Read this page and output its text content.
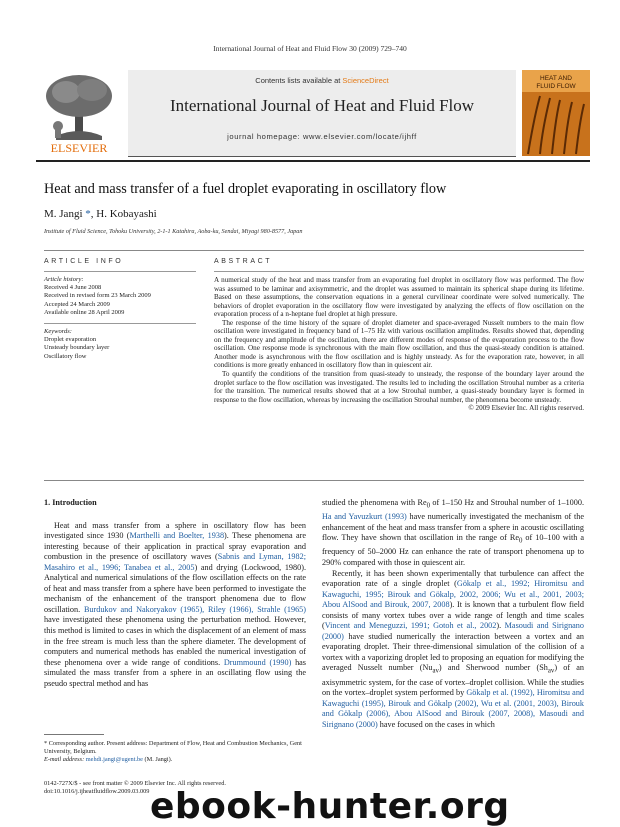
International Journal of Heat and Fluid Flow 30 (2009) 729–740
ELSEVIER
Contents lists available at ScienceDirect
International Journal of Heat and Fluid Flow
journal homepage: www.elsevier.com/locate/ijhff
HEAT AND
FLUID FLOW
Heat and mass transfer of a fuel droplet evaporating in oscillatory flow
M. Jangi *, H. Kobayashi
Institute of Fluid Science, Tohoku University, 2-1-1 Katahira, Aoba-ku, Sendai, Miyagi 980-8577, Japan
ARTICLE INFO
Article history:
Received 4 June 2008
Received in revised form 23 March 2009
Accepted 24 March 2009
Available online 28 April 2009
Keywords:
Droplet evaporation
Unsteady boundary layer
Oscillatory flow
ABSTRACT

A numerical study of the heat and mass transfer from an evaporating fuel droplet in oscillatory flow was performed. The flow was assumed to be laminar and axisymmetric, and the droplet was assumed to maintain its spherical shape during its lifetime. Based on these assumptions, the conservation equations in a general curvilinear coordinate were solved numerically. The behaviors of droplet evaporation in the oscillatory flow were investigated by analyzing the effects of flow oscillation on the evaporation process of a n-heptane fuel droplet at high pressure.

The response of the time history of the square of droplet diameter and space-averaged Nusselt numbers to the main flow oscillation were investigated in frequency band of 1–75 Hz with various oscillation amplitudes. Results showed that, depending on the frequency and amplitude of the oscillation, there are different modes of response of the evaporation process to the flow oscillation. One response mode is synchronous with the main flow oscillation, and thus the quasi-steady condition is attained. Another mode is asynchronous with the flow oscillation and is highly unsteady. As for the evaporation rate, however, in all conditions is more greatly enhanced in oscillatory flow than in quiescent air.

To quantify the conditions of the transition from quasi-steady to unsteady, the response of the boundary layer around the droplet surface to the flow oscillation was investigated. The results led to including the oscillation Strouhal number as a criteria for the transition. The numerical results showed that at a low Strouhal number, a quasi-steady boundary layer is formed in response to the flow oscillation, whereas by increasing the oscillation Strouhal number, the phenomena become unsteady.

© 2009 Elsevier Inc. All rights reserved.

1. Introduction

Heat and mass transfer from a sphere in oscillatory flow has been investigated since 1930 (Marthelli and Boelter, 1938). These phenomena are interesting because of their application in practical spray evaporation and combustion in the presence of oscillatory waves (Sabnis and Lyman, 1982; Masahiro et al., 1996; Tanabea et al., 2005) and drying (Lockwood, 1980). Analytical and numerical simulations of the flow oscillation effects on the rate of heat and mass transfer from a sphere have been performed to investigate the mechanism of the enhancement of the transport phenomena due to flow oscillation. Burdukov and Nakoryakov (1965), Riley (1966), Strahle (1965) have investigated these phenomena using the perturbation method. However, this method is limited to cases in which the displacement of an element of mass in the free stream is much less than the sphere diameter. The development of computers and numerical methods has enabled the numerical investigation of these phenomena over a wide range of conditions. Drummound (1990) has simulated the mass transfer from a sphere in an oscillating flow using the pseudo spectral method and has

studied the phenomena with $Re_0$ of 1–150 Hz and Strouhal number of 1–1000. Ha and Yavuzkurt (1993) have numerically investigated the mechanism of the enhancement of the heat and mass transfer from a sphere in acoustic oscillating flow. They have shown that oscillation in the range of $Re_0$ of 10–100 with a frequency of 50–2000 Hz can enhance the rate of transport phenomena up to 290% compared with those in quiescent air.

Recently, it has been shown experimentally that turbulence can affect the evaporation rate of a single droplet (Gökalp et al., 1992; Hiromitsu and Kawaguchi, 1995; Birouk and Gökalp, 2002, 2006; Wu et al., 2001, 2003; Abou AlSood and Birouk, 2007, 2008). It is known that a turbulent flow field consists of many vortex tubes over a wide range of length and time scales (Vincent and Meneguzzi, 1991; Gotoh et al., 2002). Masoudi and Sirignano (2000) have studied numerically the interaction between a vortex and an evaporating droplet. Their three-dimensional simulation of the collision of a vortex with a vaporizing droplet led to proposing an equation for modifying the averaged Nusselt number $(Nu_{av})$ and Sherwood number $(Sh_{av})$ of an axisymmetric system, for the case of vortex–droplet collision. While the studies on the vortex–droplet system performed by Gökalp et al. (1992), Hiromitsu and Kawaguchi (1995), Birouk and Gökalp (2002), Wu et al. (2001, 2003), Birouk and Gökalp (2006), Abou AlSood and Birouk (2007, 2008), Masoudi and Sirignano (2000) have focused on the cases in which

* Corresponding author. Present address: Department of Flow, Heat and Combustion Mechanics, Gent University, Belgium.
E-mail address: mehdi.jangi@ugent.be (M. Jangi).
0142-727X/$ - see front matter © 2009 Elsevier Inc. All rights reserved.
doi:10.1016/j.ijheatfluidflow.2009.03.009 ebook-hunter.org
